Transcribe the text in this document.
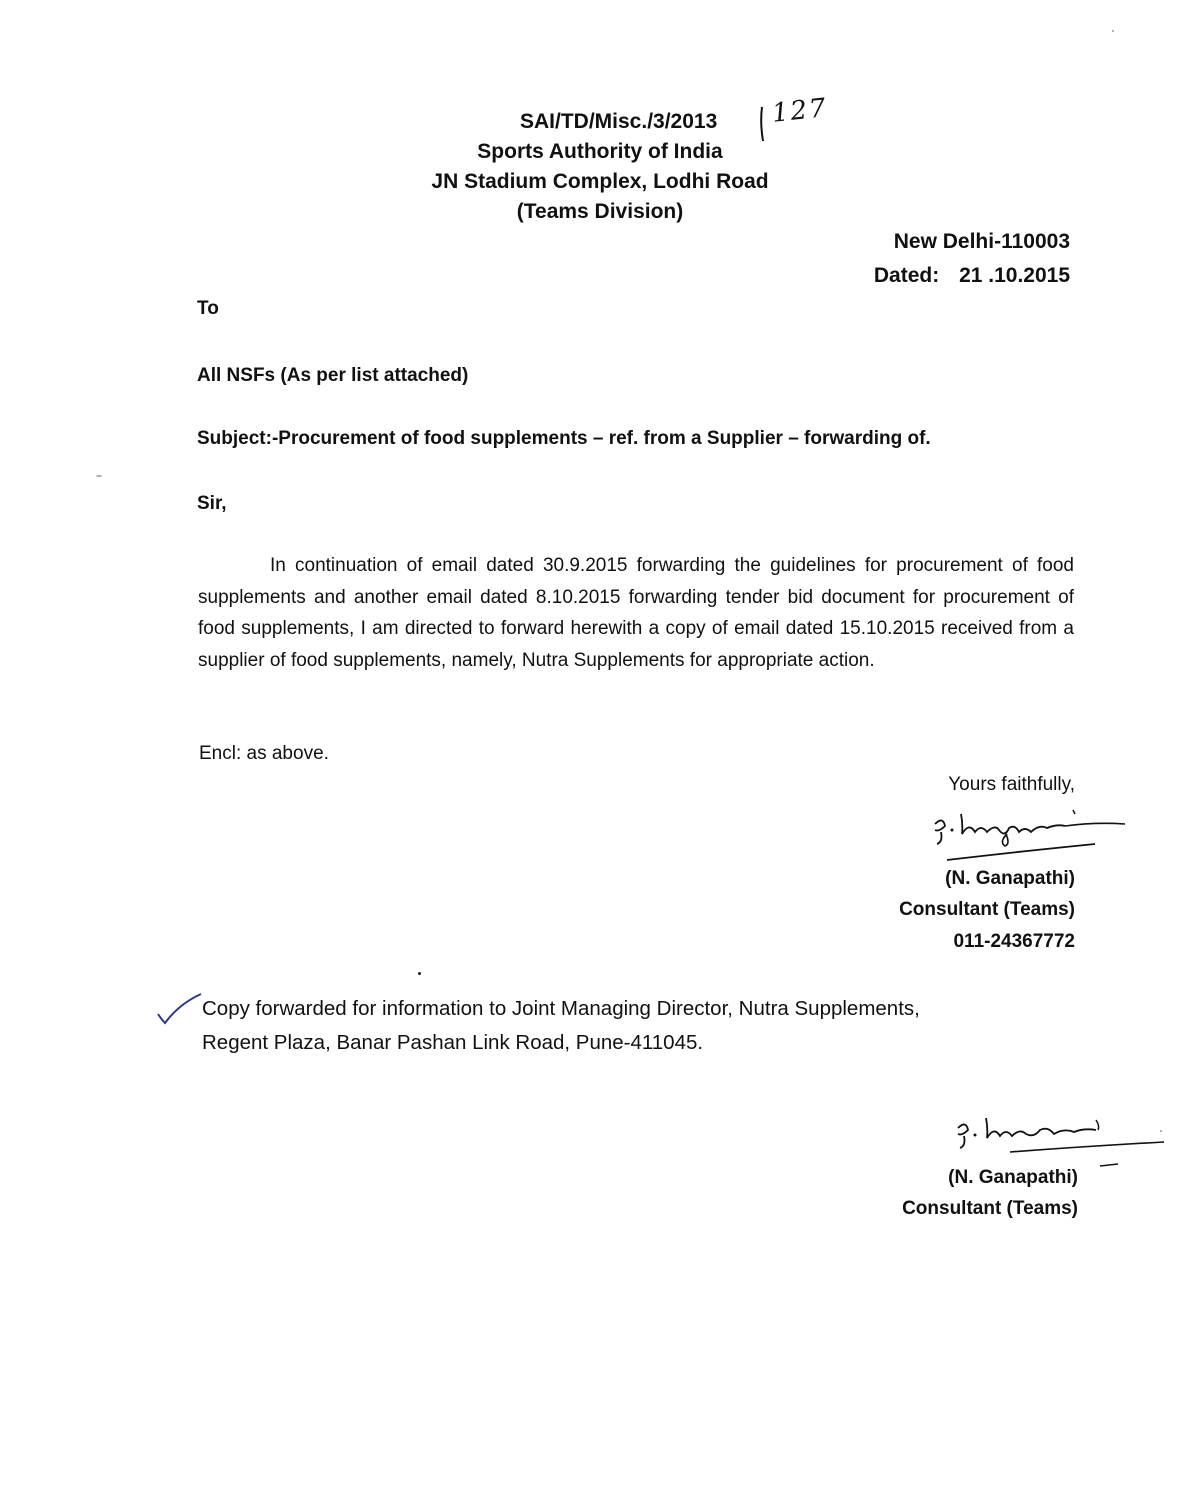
SAI/TD/Misc./3/2013 127
Sports Authority of India
JN Stadium Complex, Lodhi Road
(Teams Division)
New Delhi-110003
Dated: 21 .10.2015
To
All NSFs (As per list attached)
Subject:-Procurement of food supplements – ref. from a Supplier – forwarding of.
Sir,
In continuation of email dated 30.9.2015 forwarding the guidelines for procurement of food supplements and another email dated 8.10.2015 forwarding tender bid document for procurement of food supplements, I am directed to forward herewith a copy of email dated 15.10.2015 received from a supplier of food supplements, namely, Nutra Supplements for appropriate action.
Encl: as above.
Yours faithfully,
(N. Ganapathi)
Consultant (Teams)
011-24367772
Copy forwarded for information to Joint Managing Director, Nutra Supplements,
Regent Plaza, Banar Pashan Link Road, Pune-411045.
(N. Ganapathi)
Consultant (Teams)
